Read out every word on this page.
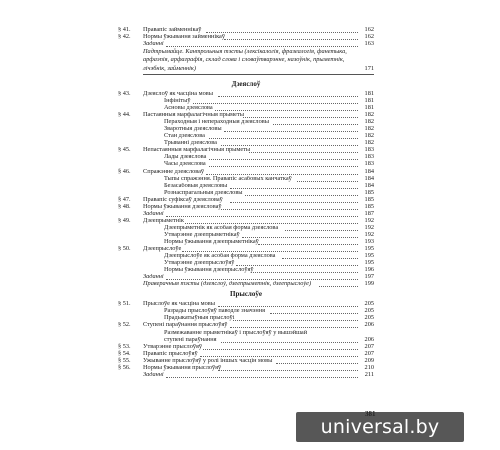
§ 41.	Правапіс займеннікаў	162
§ 42.	Нормы ўжывання займеннікаў	162
Заданні	163
Падтрымайце. Кантрольныя тэсты (лексікалогія, фразеалогія, фанетыка, арфаэпія, арфаграфія, склад слова і словаўтварэнне, назоўнік, прыметнік, лічэбнік, займеннік)	171
Дзеяслоў
§ 43.	Дзеяслоў як часціна мовы	181
Інфінітыў	181
Асновы дзеяслова	181
§ 44.	Пастаянныя марфалагічныя прыметы	182
Пераходныя і непераходныя дзеясловы	182
Зваротныя дзеясловы	182
Стан дзеяслова	182
Трыванні дзеяслова	182
§ 45.	Непастаянныя марфалагічныя прыметы	183
Лады дзеяслова	183
Часы дзеяслова	183
§ 46.	Спражэнне дзеясловаў	184
Тыпы спражэння. Правапіс асабовых канчаткаў	184
Безасабовыя дзеясловы	184
Рознаспрагальныя дзеясловы	185
§ 47.	Правапіс суфіксаў дзеясловаў	185
§ 48.	Нормы ўжывання дзеясловаў	185
Заданні	187
§ 49.	Дзеепрыметнік	192
Дзеепрыметнік як асобая форма дзеяслова	192
Утварэнне дзеепрыметнікаў	192
Нормы ўжывання дзеепрыметнікаў	193
§ 50.	Дзеепрыслоўе	195
Дзеепрыслоўе як асобая форма дзеяслова	195
Утварэнне дзеепрыслоўяў	195
Нормы ўжывання дзеепрыслоўяў	196
Заданні	197
Праверачныя тэсты (дзеяслоў, дзеепрыметнік, дзеепрыслоўе)	199
Прыслоўе
§ 51.	Прыслоўе як часціна мовы	205
Разрады прыслоўяў паводле значэння	205
Прадыкатыўныя прыслоўі	205
§ 52.	Ступені параўнання прыслоўяў	206
Размежаванне прыметнікаў і прыслоўяў у вышэйшай
ступені параўнання	206
§ 53.	Утварэнне прыслоўяў	207
§ 54.	Правапіс прыслоўяў	207
§ 55.	Ужыванне прыслоўяў у ролі іншых часцін мовы	209
§ 56.	Нормы ўжывання прыслоўяў	210
Заданні	211
universal.by
